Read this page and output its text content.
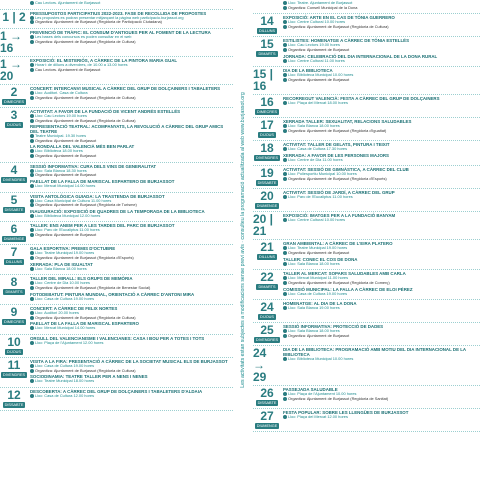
Cau Lectors. Ajuntament de Burjassot
1 | 2 PRESSUPOSTOS PARTICIPATIUS 2022-2023. FASE DE RECOLLIDA DE PROPOSTES
Les propostes es podran presentar mitjançant la pàgina web participacio.burjassot.org
Organitza: Ajuntament de Burjassot (Regidoria de Participació Ciutadana)
1 → 16
PREVENCIÓ DE TRÀFIC: EL CONSUM D'ANTIGUES PER AL FOMENT DE LA LECTURA
Les bases dels concursos es poden consultar en el web
Organitza: Ajuntament de Burjassot (Regidoria de Cultura)
1 → 20
EXPOSICIÓ: EL MISTERIÓS, A CÀRREC DE LA PINTORA MARIA GUAL
Horari: de dilluns a divendres, de 10.00 a 13.00 hores
Cau Lectors. Ajuntament de Burjassot
2
DIMECRES
CONCERT: INTERCANVI MUSICAL A CÀRREC DEL GRUP DE DOLÇAINERS I TABALETERS
Lloc: Auditori. Casa de Cultura
Organitza: Ajuntament de Burjassot (Regidoria de Cultura)
3
DIJOUS
ACTIVITAT: A FAVOR DE LA FUNDACIÓ DE VICENT ANDRÉS ESTELLÉS
Lloc: Cau Lectors 19.00 hores
Organitza: Ajuntament de Burjassot (Regidoria de Cultura)
REPRESENTACIÓ TEATRAL: ACOMPANYATS, LA REVOLUCIÓ A CÀRREC DEL GRUP AMICS DEL TEATRE
Teatre Municipal. 19.30 hores
Organitza: Ajuntament de Burjassot
LA RONDALLA DEL VALENCIÀ MÉS BEN PARLAT
Lloc: Biblioteca 18.00 hores
Organitza: Ajuntament de Burjassot
4
DIVENDRES
SESSIÓ INFORMATIVA: CURA DELS VINS DE GENERALITAT
Lloc: Sala Blanca 18.30 hores
Organitza: Ajuntament de Burjassot
PAELLAT DE LA FALLA DE MARISCAL ESPARTERO DE BURJASSOT
Lloc: Mercat Municipal 14.00 hores
5
DISSABTE
VISITA ANTOLÓGICA GUIADA: LA TRASTENDA DE BURJASSOT
Lloc: Casa Municipal de Cultura 11.00 hores
Organitza: Ajuntament de Burjassot (Regidoria de Turisme)
INAUGURACIÓ: EXPOSICIÓ DE QUADRES DE LA TEMPORADA DE LA BIBLIOTECA
Lloc: Biblioteca Municipal 12.00 hores
6
DIUMENGE
TALLER: ENS ANEM PER A LES TARDES DEL PARC DE BURJASSOT
Lloc: Parc de l'Eucaliptus 11.00 hores
Organitza: Ajuntament de Burjassot
7
DILLUNS
GALA ESPORTIVA: PREMIS D'OCTUBRE
Lloc: Teatre Municipal 19.00 hores
Organitza: Ajuntament de Burjassot (Regidoria d'Esports)
XERRADA: PLA DE IGUALTAT
Lloc: Sala Blanca 18.00 hores
8
DIMARTS
TALLER DEL MIRALL: ELS GRUPS DE MEMÒRIA
Lloc: Centre de Dia 10.00 hores
Organitza: Ajuntament de Burjassot (Regidoria de Benestar Social)
FOTODEBATUT: PINTURA MUNDIAL, ORIENTACIÓ A CÀRREC D'ANTONI MIRA
Lloc: Casa de Cultura 19.00 hores
9
DIMECRES
CONCERT: A CÀRREC DE FELIX NORTES
Lloc: Auditori 20.00 hores
Organitza: Ajuntament de Burjassot (Regidoria de Cultura)
PAELLAT DE LA FALLA DE MARISCAL ESPARTERO
Lloc: Mercat Municipal 14.00 hores
10
DIJOUS
ORGULL DEL VALENCIANISME I VALENCIANES: CASA I BOU PER A TOTES I TOTS
Lloc: Plaça de l'Ajuntament 12.00 hores
11
DIVENDRES
VISITA A LA FIRA: PRESENTACIÓ A CÀRREC DE LA SOCIETAT MUSICAL ELS DE BURJASSOT
Lloc: Casa de Cultura 19.00 hores
Organitza: Ajuntament de Burjassot (Regidoria de Cultura)
SOCIODINAMIA: TEATRE TALLER PER A NENS I NENES
Lloc: Teatre Municipal 18.00 hores
12
DISSABTE
DESCOBERTA: A CÀRREC DEL GRUP DE DOLÇAINERS I TABALETERS D'ALDAIA
Lloc: Casa de Cultura 12.00 hores
Les activitats estan subjectes a modificacions sense previ avís · consulteu la programació actualitzada al web www.burjassot.org
Lloc: Teatre. Ajuntament de Burjassot
Organitza: Consell Municipal de la Dona
14
DILLUNS
EXPOSICIÓ: ARTE EN EL CAS DE TÓNIA GUERRERO
Lloc: Centre Cultural 10.00 hores
Organitza: Ajuntament de Burjassot (Regidoria de Cultura)
15
DIMARTS
ESTILISTES: HOMENATGE A CÀRREC DE TÓNIA ESTELLÉS
Lloc: Cau Lectors 19.00 hores
Organitza: Ajuntament de Burjassot
JORNADA: CELEBRACIÓ DEL DIA INTERNACIONAL DE LA DONA RURAL
Lloc: Centre Cultural 11.00 hores
15 | 16
DIA DE LA BIBLIOTECA
Lloc: Biblioteca Municipal 10.00 hores
Organitza: Ajuntament de Burjassot
16
DIMECRES
RECORREGUT VALENCIÀ: FESTA A CÀRREC DEL GRUP DE DOLÇAINERS
Lloc: Plaça del Mercat 18.00 hores
17
DIJOUS
XERRADA TALLER: SEXUALITAT, RELACIONS SALUDABLES
Lloc: Sala Blanca 18.00 hores
Organitza: Ajuntament de Burjassot (Regidoria d'Igualtat)
18
DIVENDRES
ACTIVITAT: TALLER DE GELATS, PINTURA I TEIXIT
Lloc: Casa de Cultura 17.30 hores
XERRADA: A FAVOR DE LES PERSONES MAJORS
Lloc: Centre de Dia 11.00 hores
19
DISSABTE
ACTIVITAT: SESSIÓ DE GIMNÀSTICA, A CÀRREC DEL CLUB
Lloc: Poliesportiu Municipal 10.00 hores
Organitza: Ajuntament de Burjassot (Regidoria d'Esports)
20
DIUMENGE
ACTIVITAT: SESSIÓ DE JARDÍ, A CÀRREC DEL GRUP
Lloc: Parc de l'Eucaliptus 11.00 hores
20 | 21
EXPOSICIÓ: IMATGES PER A LA FUNDACIÓ BANYAM
Lloc: Centre Cultural 10.00 hores
21
DILLUNS
GRAN AMBIENTAL: A CÀRREC DE L'EIRA PLATERO
Lloc: Teatre Municipal 19.00 hores
Organitza: Ajuntament de Burjassot
TALLER: CONEC EL COS DE DONA
Lloc: Sala Blanca 18.00 hores
22
DIMARTS
TALLER AL MERCAT: SOPARS SALUDABLES AMB CARLA
Lloc: Mercat Municipal 11.00 hores
Organitza: Ajuntament de Burjassot (Regidoria de Comerç)
COMISSIÓ MUNICIPAL: LA FALLA A CÀRREC DE ELOI PÉREZ
Lloc: Casa de Cultura 19.00 hores
24
DIJOUS
HOMENATGE: AL DIA DE LA DONA
Lloc: Sala Blanca 19.00 hores
25
DIVENDRES
SESSIÓ INFORMATIVA: PROTECCIÓ DE DADES
Lloc: Sala Blanca 18.00 hores
Organitza: Ajuntament de Burjassot
24 → 29
DIA DE LA BIBLIOTECA: PROGRAMACIÓ AMB MOTIU DEL DIA INTERNACIONAL DE LA BIBLIOTECA
Lloc: Biblioteca Municipal 10.00 hores
26
DISSABTE
PASSEJADA SALUDABLE
Lloc: Plaça de l'Ajuntament 10.00 hores
Organitza: Ajuntament de Burjassot (Regidoria de Sanitat)
27
DIUMENGE
FESTA POPULAR: SOBRE LES LLENGÜES DE BURJASSOT
Lloc: Plaça del Mercat 12.00 hores
